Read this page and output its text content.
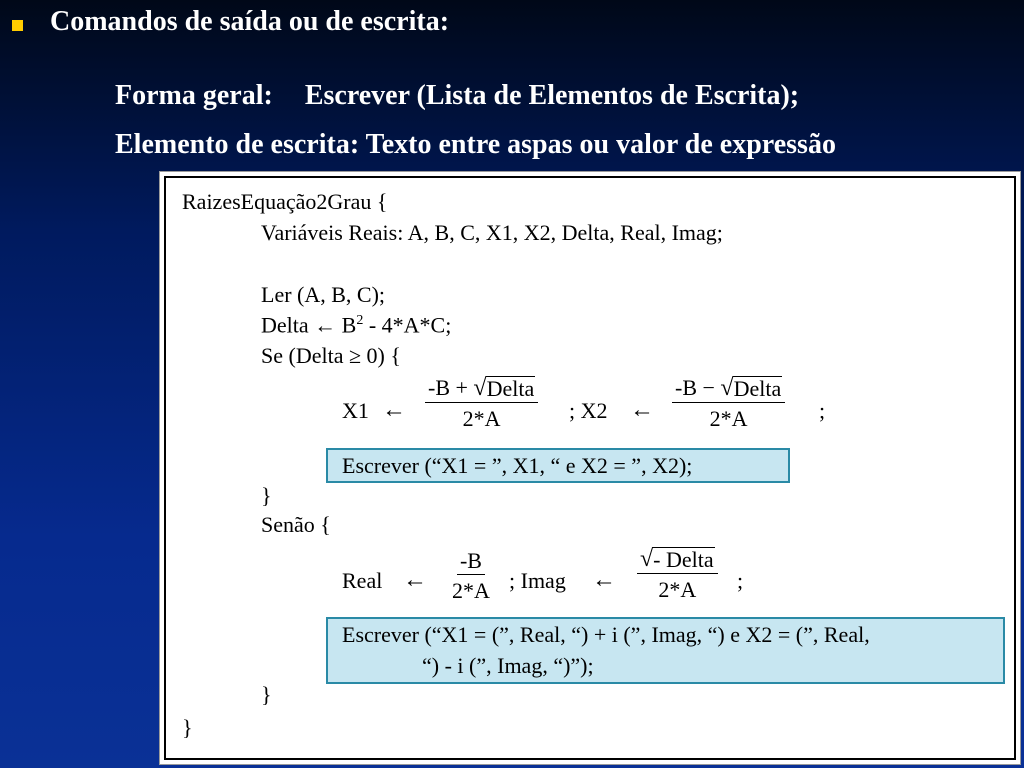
Comandos de saída ou de escrita:

Forma geral: Escrever (Lista de Elementos de Escrita);

Elemento de escrita: Texto entre aspas ou valor de expressão

RaizesEquação2Grau {
Variáveis Reais: A, B, C, X1, X2, Delta, Real, Imag;
Ler (A, B, C);
Delta ← $B^2 - 4*A*C$;
Se (Delta ≥ 0) {
X1 ←
-B + √ Delta
2*A	; X2 ←
-B − √ Delta
2*A	;
Escrever (“X1 = ”, X1, “ e X2 = ”, X2);
}
Senão {
Real ← $\frac{-B}{2*A}$ ; Imag ←
√ - Delta
2*A ;
Escrever (“X1 = (”, Real, “) + i (”, Imag, “) e X2 = (”, Real,
“) - i (”, Imag, “)”);
}
}
